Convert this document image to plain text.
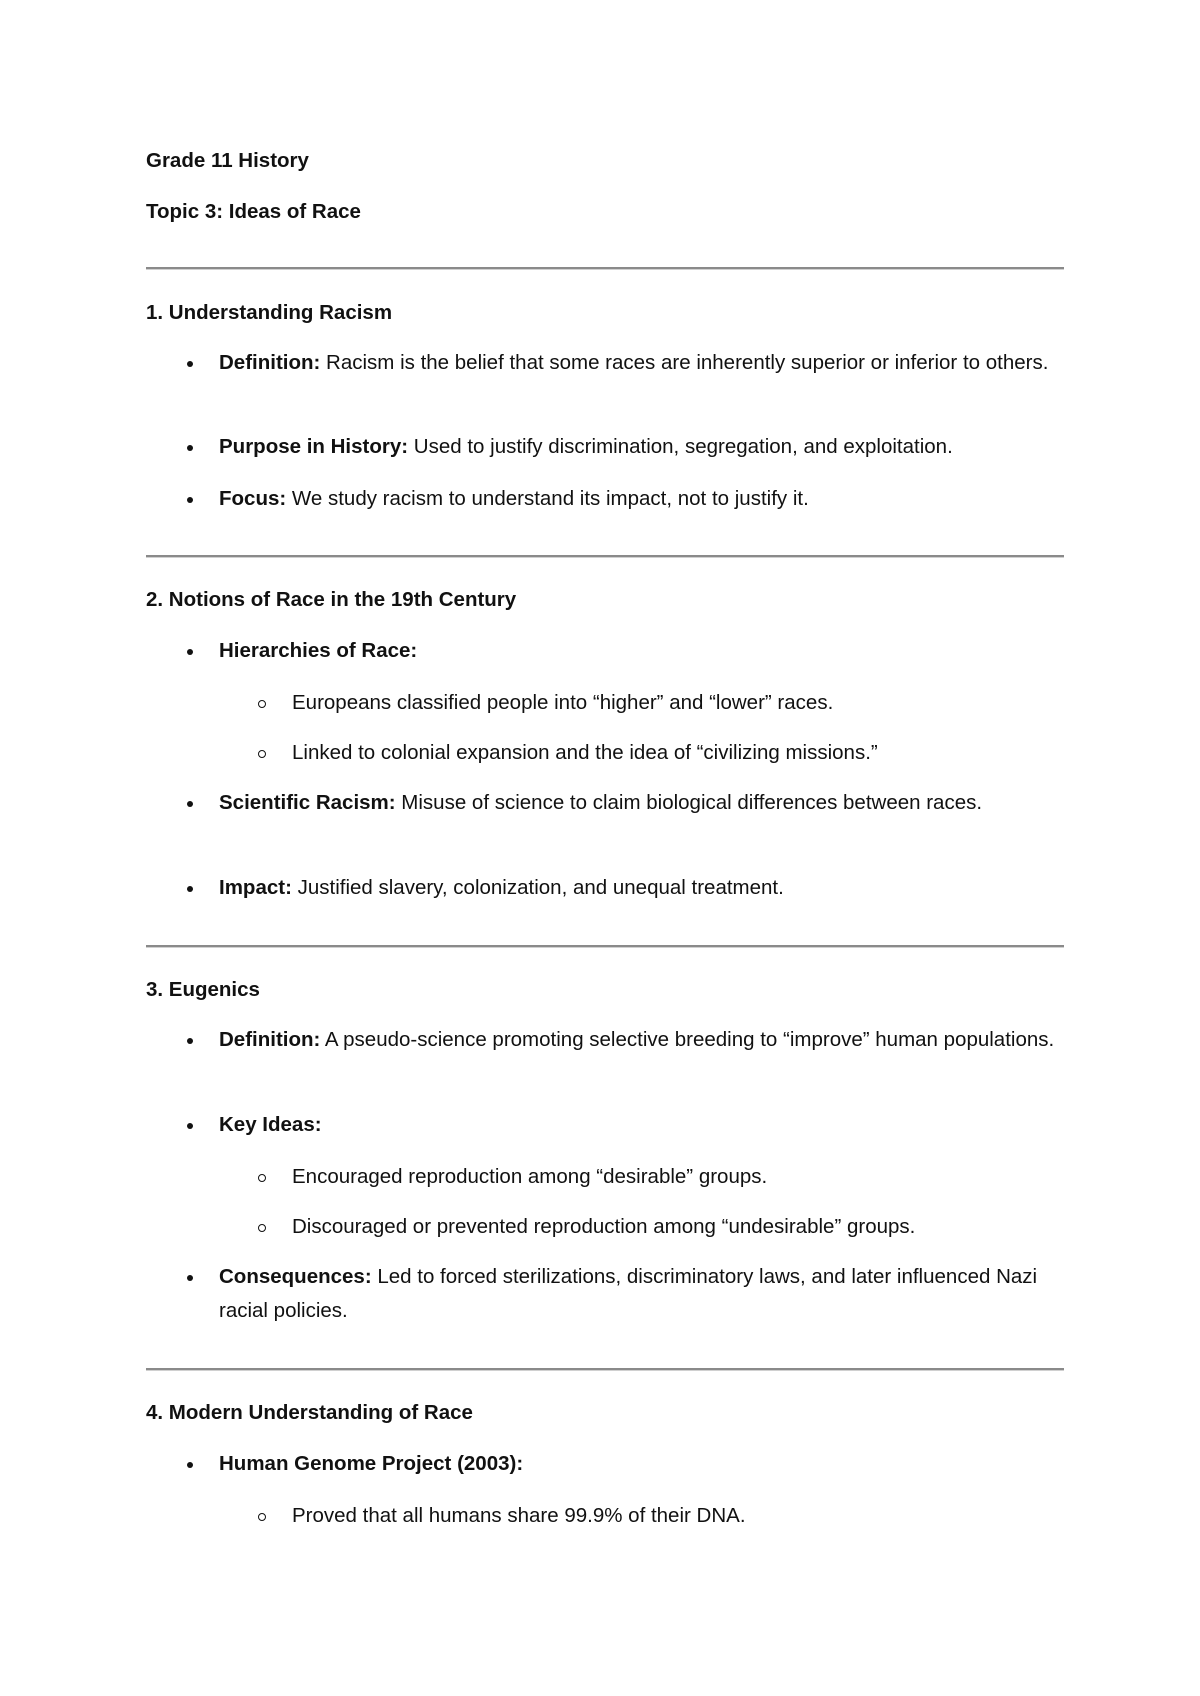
Grade 11 History
Topic 3: Ideas of Race
1. Understanding Racism
Definition: Racism is the belief that some races are inherently superior or inferior to others.
Purpose in History: Used to justify discrimination, segregation, and exploitation.
Focus: We study racism to understand its impact, not to justify it.
2. Notions of Race in the 19th Century
Hierarchies of Race:
Europeans classified people into “higher” and “lower” races.
Linked to colonial expansion and the idea of “civilizing missions.”
Scientific Racism: Misuse of science to claim biological differences between races.
Impact: Justified slavery, colonization, and unequal treatment.
3. Eugenics
Definition: A pseudo-science promoting selective breeding to “improve” human populations.
Key Ideas:
Encouraged reproduction among “desirable” groups.
Discouraged or prevented reproduction among “undesirable” groups.
Consequences: Led to forced sterilizations, discriminatory laws, and later influenced Nazi racial policies.
4. Modern Understanding of Race
Human Genome Project (2003):
Proved that all humans share 99.9% of their DNA.
